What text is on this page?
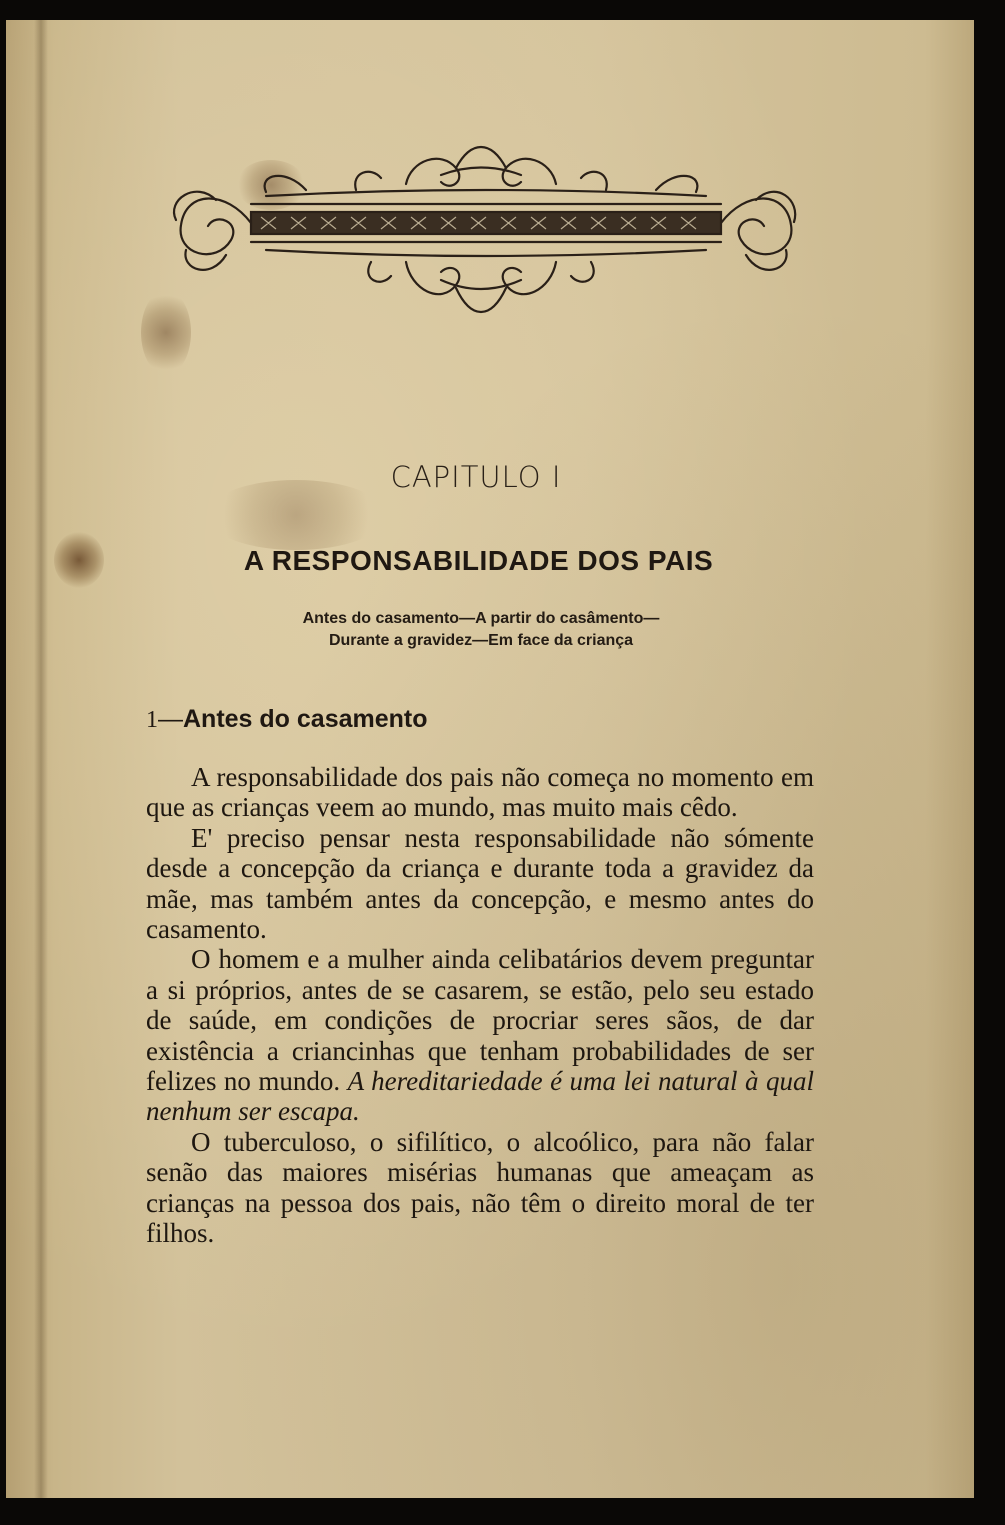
CAPITULO I
A RESPONSABILIDADE DOS PAIS
Antes do casamento—A partir do casâmento—Durante a gravidez—Em face da criança
1—Antes do casamento

A responsabilidade dos pais não começa no momento em que as crianças veem ao mundo, mas muito mais cêdo.

E' preciso pensar nesta responsabilidade não sómente desde a concepção da criança e durante toda a gravidez da mãe, mas também antes da concepção, e mesmo antes do casamento.

O homem e a mulher ainda celibatários devem preguntar a si próprios, antes de se casarem, se estão, pelo seu estado de saúde, em condições de procriar seres sãos, de dar existência a criancinhas que tenham probabilidades de ser felizes no mundo. A hereditariedade é uma lei natural à qual nenhum ser escapa.

O tuberculoso, o sifilítico, o alcoólico, para não falar senão das maiores misérias humanas que ameaçam as crianças na pessoa dos pais, não têm o direito moral de ter filhos.
